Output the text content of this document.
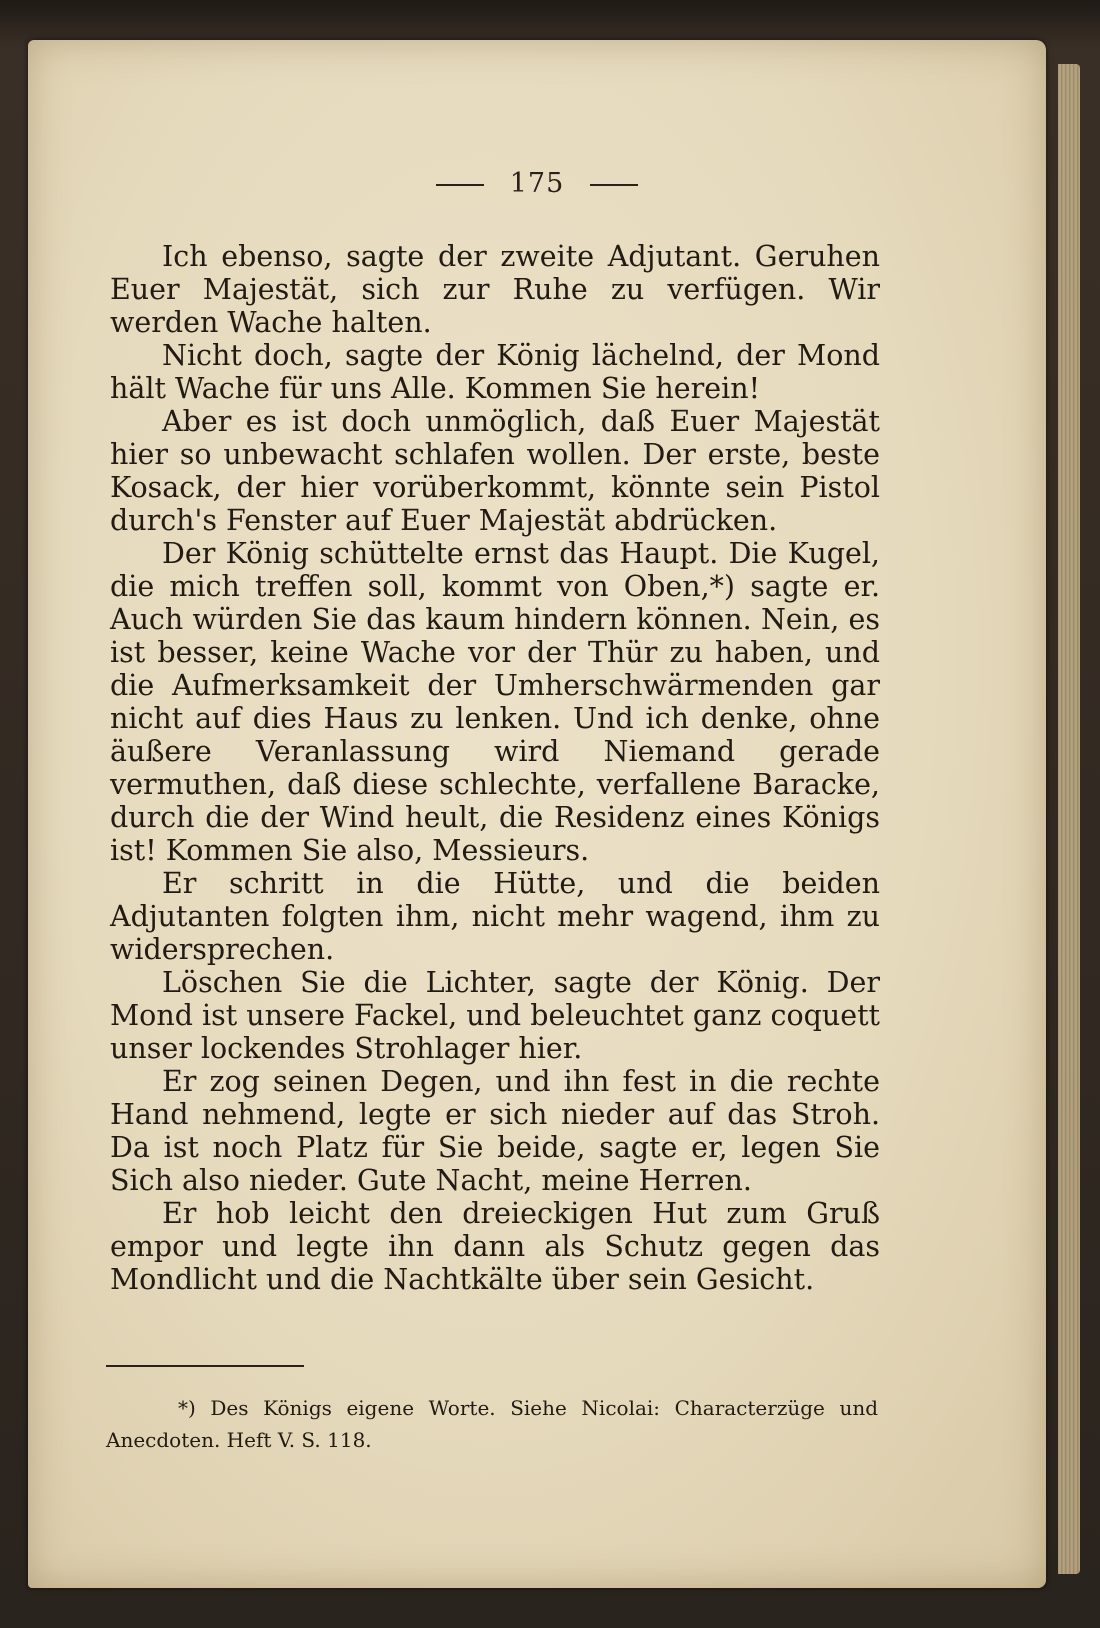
175

Ich ebenso, sagte der zweite Adjutant. Geruhen Euer Majestät, sich zur Ruhe zu verfügen. Wir werden Wache halten.

Nicht doch, sagte der König lächelnd, der Mond hält Wache für uns Alle. Kommen Sie herein!

Aber es ist doch unmöglich, daß Euer Majestät hier so unbewacht schlafen wollen. Der erste, beste Kosack, der hier vorüberkommt, könnte sein Pistol durch's Fenster auf Euer Majestät abdrücken.

Der König schüttelte ernst das Haupt. Die Kugel, die mich treffen soll, kommt von Oben,*) sagte er. Auch würden Sie das kaum hindern können. Nein, es ist besser, keine Wache vor der Thür zu haben, und die Aufmerksamkeit der Umherschwärmenden gar nicht auf dies Haus zu lenken. Und ich denke, ohne äußere Veranlassung wird Niemand gerade vermuthen, daß diese schlechte, verfallene Baracke, durch die der Wind heult, die Residenz eines Königs ist! Kommen Sie also, Messieurs.

Er schritt in die Hütte, und die beiden Adjutanten folgten ihm, nicht mehr wagend, ihm zu widersprechen.

Löschen Sie die Lichter, sagte der König. Der Mond ist unsere Fackel, und beleuchtet ganz coquett unser lockendes Strohlager hier.

Er zog seinen Degen, und ihn fest in die rechte Hand nehmend, legte er sich nieder auf das Stroh. Da ist noch Platz für Sie beide, sagte er, legen Sie Sich also nieder. Gute Nacht, meine Herren.

Er hob leicht den dreieckigen Hut zum Gruß empor und legte ihn dann als Schutz gegen das Mondlicht und die Nachtkälte über sein Gesicht.

*) Des Königs eigene Worte. Siehe Nicolai: Characterzüge und Anecdoten. Heft V. S. 118.
